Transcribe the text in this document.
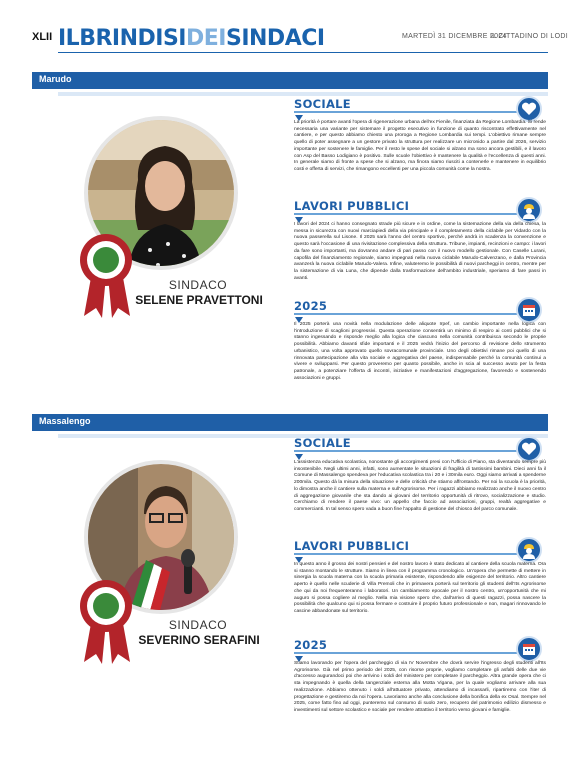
XLII ILBRINDISIDEISINDACI	MARTEDÌ 31 DICEMBRE 2024
IL CITTADINO DI LODI
Marudo
SINDACO
SELENE PRAVETTONI
SOCIALE
La priorità è portare avanti l'opera di rigenerazione urbana dell'ex Fienile, finanziata da Regione Lombardia. Si rende necessaria una variante per sistemare il progetto esecutivo in funzione di quanto riscontrato effettivamente nel cantiere, e per questo abbiamo chiesto una proroga a Regione Lombardia sui tempi. L'obiettivo rimane sempre quello di poter assegnare a un gestore privato la struttura per realizzare un micronido a partire dal 2026, servizio importante per sostenere le famiglie. Per il resto le spese del sociale si alzano ma sono ancora gestibili, e il lavoro con Asp del Basso Lodigiano è positivo. Sulle scuole l'obiettivo è mantenere la qualità e l'eccellenza di questi anni. In generale siamo di fronte a spese che si alzano, ma finora siamo riusciti a contenerle e mantenere in equilibrio costi e offerta di servizi, che rimangono eccellenti per una piccola comunità come la nostra.
LAVORI PUBBLICI
I lavori del 2024 ci hanno consegnato strade più sicure e in ordine, come la sistemazione della via della chiesa, la messa in sicurezza con nuovi marciapiedi della via principale e il completamento della ciclabile per Vidardo con la nuova passerella sul Lisone. Il 2025 sarà l'anno del centro sportivo, perché andrà in scadenza la convenzione e questo sarà l'occasione di una rivisitazione complessiva della struttura. Tribune, impianti, recinzioni e campo: i lavori da fare sono importanti, ma dovranno andare di pari passo con il nuovo modello gestionale. Con Caselle Lurani, capofila del finanziamento regionale, siamo impegnati nella nuova ciclabile Marudo-Calvenzano, e dalla Provincia avanzerà la nuova ciclabile Marudo-Valera. Infine, valuteremo le possibilità di nuovi parcheggi in centro, mentre per la sistemazione di via Luna, che dipende dalla trasformazione dell'ambito industriale, speriamo di fare passi in avanti.
2025
Il 2025 porterà una novità nella modulazione delle aliquote Irpef, un cambio importante nella logica con l'introduzione di scaglioni progressivi. Questa operazione consentirà un minimo di respiro ai conti pubblici che si stanno ingessando e risponde meglio alla logica che ciascuno nella comunità contribuisca secondo le proprie possibilità. Abbiamo davanti sfide importanti e il 2025 vedrà l'inizio del percorso di revisione dello strumento urbanistico, una volta approvato quello sovracomunale provinciale. Uno degli obiettivi rimane poi quello di una rinnovata partecipazione alla vita sociale e aggregativa del paese, indispensabile perché la comunità continui a vivere e svilupparsi. Per questo proveremo per quanto possibile, anche in scia al successo avuto per la festa patronale, a potenziare l'offerta di incontri, iniziative e manifestazioni d'aggregazione, favorendo e sostenendo associazioni e gruppi.
Massalengo
SINDACO
SEVERINO SERAFINI
SOCIALE
L'assistenza educativa scolastica, nonostante gli accorgimenti presi con l'Ufficio di Piano, sta diventando sempre più insostenibile. Negli ultimi anni, infatti, sono aumentate le situazioni di fragilità di tantissimi bambini. Dieci anni fa il Comune di Massalengo spendeva per l'educativa scolastica tra i 20 e i 30mila euro. Oggi siamo arrivati a spenderne 200mila. Questo dà la misura della situazione e delle criticità che stiamo affrontando. Per noi la scuola è la priorità, lo dimostra anche il cantiere sulla materna e sull'Agrorisorse. Per i ragazzi abbiamo realizzato anche il nuovo centro di aggregazione giovanile che sta dando ai giovani del territorio opportunità di ritrovo, socializzazione e studio. Cerchiamo di rendere il paese vivo: un appello che faccio ad associazioni, gruppi, realtà aggregative e commercianti. In tal senso spero vada a buon fine l'appalto di gestione del chiosco del parco comunale.
LAVORI PUBBLICI
In questo anno il grosso dei nostri pensieri e del nostro lavoro è stato dedicato al cantiere della scuola materna. Ora si stanno montando le strutture. Siamo in linea con il programma cronologico. Un'opera che permette di mettere in sinergia la scuola materna con la scuola primaria esistente, rispondendo alle esigenze del territorio. Altro cantiere aperto è quello nelle scuderie di Villa Premoli che in primavera porterà sul territorio gli studenti dell'Its Agrorisorse che qui da noi frequenteranno i laboratori. Un cambiamento epocale per il nostro centro, un'opportunità che mi auguro si possa cogliere al meglio. Nella mia visione spero che, dall'arrivo di questi ragazzi, possa nascere la possibilità che qualcuno qui si possa fermare e costruire il proprio futuro professionale e non, magari rinnovando le cascine abbandonate sul territorio.
2025
Stiamo lavorando per l'opera del parcheggio di via IV Novembre che dovrà servire l'ingresso degli studenti all'Its Agrorisorse. Già nel primo periodo del 2025, con risorse proprie, vogliamo completare gli asfalti delle due vie d'accesso augurandoci poi che arrivino i soldi del ministero per completare il parcheggio. Altra grande opera che ci sta impegnando è quella della tangenziale esterna alla Motta Vigana, per la quale vogliamo arrivare alla sua realizzazione. Abbiamo ottenuto i soldi all'attuatore privato, attendiamo di incassarli, ripartiremo con l'iter di progettazione e gestiremo da noi l'opera. Lavoriamo anche alla conclusione della bonifica della ex Osal. Sempre nel 2025, come fatto fino ad oggi, punteremo sul consumo di suolo zero, recupero del patrimonio edilizio dismesso e investimenti sul settore scolastico e sociale per rendere attrattivo il territorio verso giovani e famiglie.
